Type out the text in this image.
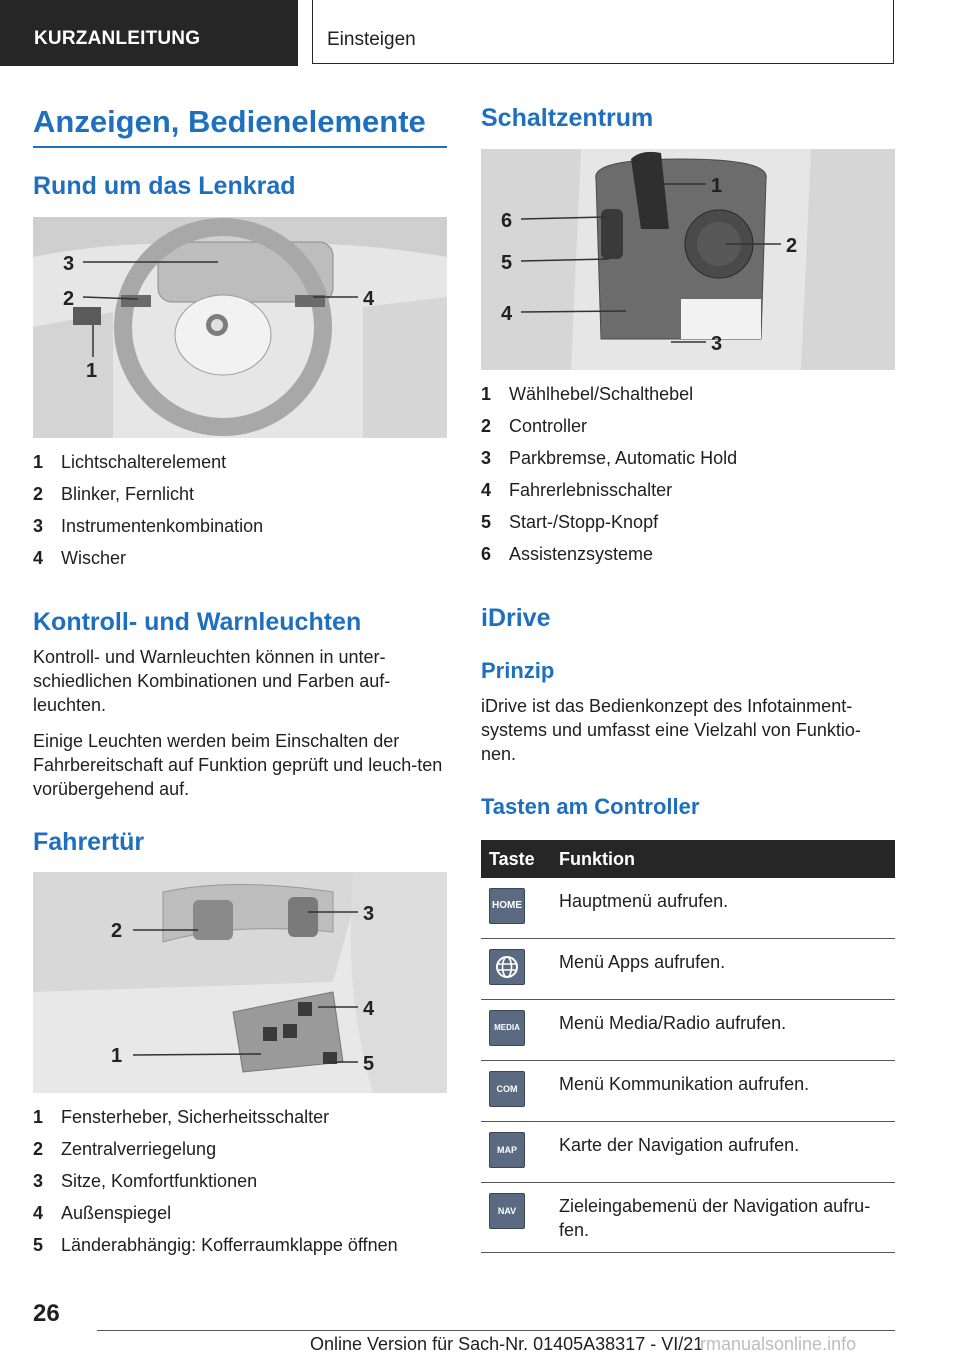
KURZANLEITUNG	Einsteigen
Anzeigen, Bedienelemente
Rund um das Lenkrad
3
2	4
1
1 Lichtschalterelement
2 Blinker, Fernlicht
3 Instrumentenkombination
4 Wischer
Kontroll- und Warnleuchten

Kontroll- und Warnleuchten können in unter-schiedlichen Kombinationen und Farben auf-leuchten.

Einige Leuchten werden beim Einschalten der Fahrbereitschaft auf Funktion geprüft und leuch-ten vorübergehend auf.

Fahrertür
2
3
4
1	5
1 Fensterheber, Sicherheitsschalter
2 Zentralverriegelung
3 Sitze, Komfortfunktionen
4 Außenspiegel
5 Länderabhängig: Kofferraumklappe öffnen
Schaltzentrum
6
5
4
1
2
3
1 Wählhebel/Schalthebel
2 Controller
3 Parkbremse, Automatic Hold
4 Fahrerlebnisschalter
5 Start-/Stopp-Knopf
6 Assistenzsysteme
iDrive
Prinzip

iDrive ist das Bedienkonzept des Infotainment-systems und umfasst eine Vielzahl von Funktio-nen.

Tasten am Controller
Taste	Funktion

HOME	Hauptmenü aufrufen.

	Menü Apps aufrufen.

MEDIA	Menü Media/Radio aufrufen.

COM	Menü Kommunikation aufrufen.

MAP	Karte der Navigation aufrufen.

NAV	Zieleingabemenü der Navigation aufru-fen.
26
Online Version für Sach-Nr. 01405A38317 - VI/21
rmanualsonline.info
